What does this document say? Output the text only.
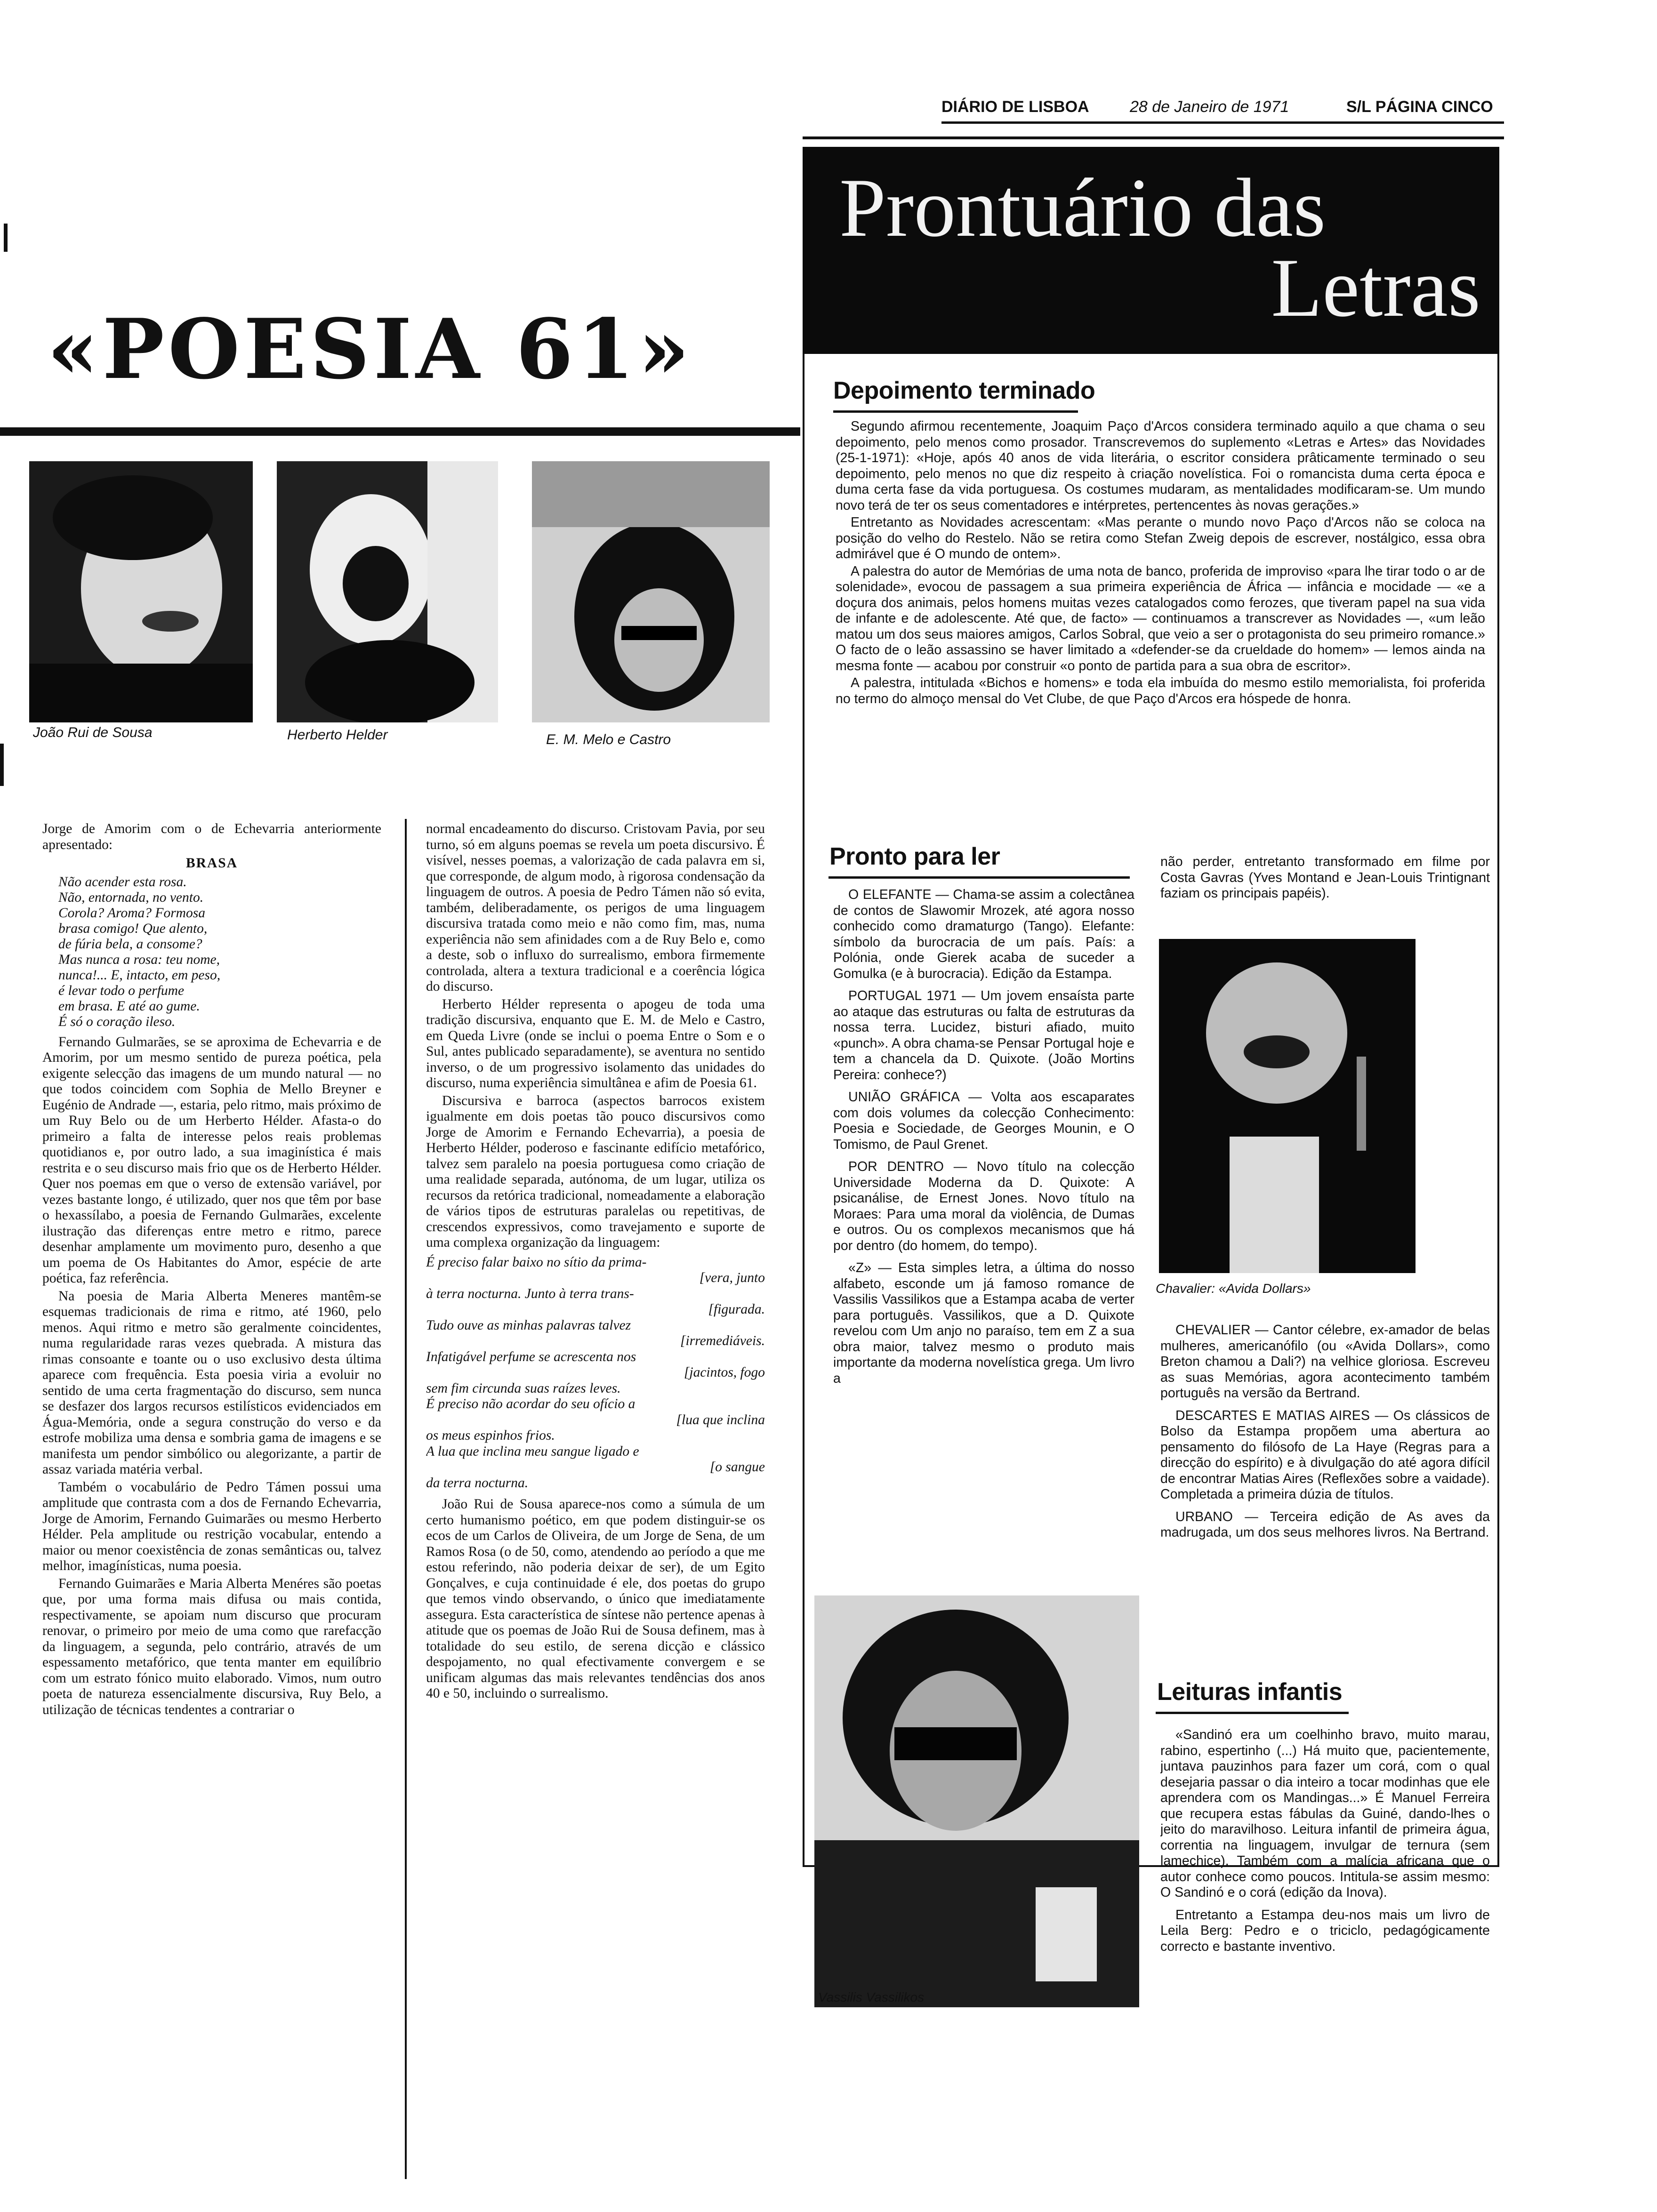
DIÁRIO DE LISBOA	28 de Janeiro de 1971	S/L PÁGINA CINCO
«POESIA 61»
João Rui de Sousa	Herberto Helder	E. M. Melo e Castro

Jorge de Amorim com o de Echevarria anteriormente apresentado:

BRASA
Não acender esta rosa.
Não, entornada, no vento.
Corola? Aroma? Formosa
brasa comigo! Que alento,
de fúria bela, a consome?
Mas nunca a rosa: teu nome,
nunca!... E, intacto, em peso,
é levar todo o perfume
em brasa. E até ao gume.
É só o coração ileso.

Fernando Gulmarães, se se aproxima de Echevarria e de Amorim, por um mesmo sentido de pureza poética, pela exigente selecção das imagens de um mundo natural — no que todos coincidem com Sophia de Mello Breyner e Eugénio de Andrade —, estaria, pelo ritmo, mais próximo de um Ruy Belo ou de um Herberto Hélder. Afasta-o do primeiro a falta de interesse pelos reais problemas quotidianos e, por outro lado, a sua imaginística é mais restrita e o seu discurso mais frio que os de Herberto Hélder. Quer nos poemas em que o verso de extensão variável, por vezes bastante longo, é utilizado, quer nos que têm por base o hexassílabo, a poesia de Fernando Gulmarães, excelente ilustração das diferenças entre metro e ritmo, parece desenhar amplamente um movimento puro, desenho a que um poema de Os Habitantes do Amor, espécie de arte poética, faz referência.

Na poesia de Maria Alberta Meneres mantêm-se esquemas tradicionais de rima e ritmo, até 1960, pelo menos. Aqui ritmo e metro são geralmente coincidentes, numa regularidade raras vezes quebrada. A mistura das rimas consoante e toante ou o uso exclusivo desta última aparece com frequência. Esta poesia viria a evoluir no sentido de uma certa fragmentação do discurso, sem nunca se desfazer dos largos recursos estilísticos evidenciados em Água-Memória, onde a segura construção do verso e da estrofe mobiliza uma densa e sombria gama de imagens e se manifesta um pendor simbólico ou alegorizante, a partir de assaz variada matéria verbal.

Também o vocabulário de Pedro Támen possui uma amplitude que contrasta com a dos de Fernando Echevarria, Jorge de Amorim, Fernando Guimarães ou mesmo Herberto Hélder. Pela amplitude ou restrição vocabular, entendo a maior ou menor coexistência de zonas semânticas ou, talvez melhor, imagínísticas, numa poesia.

Fernando Guimarães e Maria Alberta Menéres são poetas que, por uma forma mais difusa ou mais contida, respectivamente, se apoiam num discurso que procuram renovar, o primeiro por meio de uma como que rarefacção da linguagem, a segunda, pelo contrário, através de um espessamento metafórico, que tenta manter em equilíbrio com um estrato fónico muito elaborado. Vimos, num outro poeta de natureza essencialmente discursiva, Ruy Belo, a utilização de técnicas tendentes a contrariar o

normal encadeamento do discurso. Cristovam Pavia, por seu turno, só em alguns poemas se revela um poeta discursivo. É visível, nesses poemas, a valorização de cada palavra em si, que corresponde, de algum modo, à rigorosa condensação da linguagem de outros. A poesia de Pedro Támen não só evita, também, deliberadamente, os perigos de uma linguagem discursiva tratada como meio e não como fim, mas, numa experiência não sem afinidades com a de Ruy Belo e, como a deste, sob o influxo do surrealismo, embora firmemente controlada, altera a textura tradicional e a coerência lógica do discurso.

Herberto Hélder representa o apogeu de toda uma tradição discursiva, enquanto que E. M. de Melo e Castro, em Queda Livre (onde se inclui o poema Entre o Som e o Sul, antes publicado separadamente), se aventura no sentido inverso, o de um progressivo isolamento das unidades do discurso, numa experiência simultânea e afim de Poesia 61.

Discursiva e barroca (aspectos barrocos existem igualmente em dois poetas tão pouco discursivos como Jorge de Amorim e Fernando Echevarria), a poesia de Herberto Hélder, poderoso e fascinante edifício metafórico, talvez sem paralelo na poesia portuguesa como criação de uma realidade separada, autónoma, de um lugar, utiliza os recursos da retórica tradicional, nomeadamente a elaboração de vários tipos de estruturas paralelas ou repetitivas, de crescendos expressivos, como travejamento e suporte de uma complexa organização da linguagem:

É preciso falar baixo no sítio da prima-
[vera, junto
à terra nocturna. Junto à terra trans-
[figurada.
Tudo ouve as minhas palavras talvez
[irremediáveis.
Infatigável perfume se acrescenta nos
[jacintos, fogo
sem fim circunda suas raízes leves.
É preciso não acordar do seu ofício a
[lua que inclina
os meus espinhos frios.
A lua que inclina meu sangue ligado e
[o sangue
da terra nocturna.

João Rui de Sousa aparece-nos como a súmula de um certo humanismo poético, em que podem distinguir-se os ecos de um Carlos de Oliveira, de um Jorge de Sena, de um Ramos Rosa (o de 50, como, atendendo ao período a que me estou referindo, não poderia deixar de ser), de um Egito Gonçalves, e cuja continuidade é ele, dos poetas do grupo que temos vindo observando, o único que imediatamente assegura. Esta característica de síntese não pertence apenas à atitude que os poemas de João Rui de Sousa definem, mas à totalidade do seu estilo, de serena dicção e clássico despojamento, no qual efectivamente convergem e se unificam algumas das mais relevantes tendências dos anos 40 e 50, incluindo o surrealismo.

Prontuário das
Letras
Depoimento terminado

Segundo afirmou recentemente, Joaquim Paço d'Arcos considera terminado aquilo a que chama o seu depoimento, pelo menos como prosador. Transcrevemos do suplemento «Letras e Artes» das Novidades (25-1-1971): «Hoje, após 40 anos de vida literária, o escritor considera prâticamente terminado o seu depoimento, pelo menos no que diz respeito à criação novelística. Foi o romancista duma certa época e duma certa fase da vida portuguesa. Os costumes mudaram, as mentalidades modificaram-se. Um mundo novo terá de ter os seus comentadores e intérpretes, pertencentes às novas gerações.»

Entretanto as Novidades acrescentam: «Mas perante o mundo novo Paço d'Arcos não se coloca na posição do velho do Restelo. Não se retira como Stefan Zweig depois de escrever, nostálgico, essa obra admirável que é O mundo de ontem».

A palestra do autor de Memórias de uma nota de banco, proferida de improviso «para lhe tirar todo o ar de solenidade», evocou de passagem a sua primeira experiência de África — infância e mocidade — «e a doçura dos animais, pelos homens muitas vezes catalogados como ferozes, que tiveram papel na sua vida de infante e de adolescente. Até que, de facto» — continuamos a transcrever as Novidades —, «um leão matou um dos seus maiores amigos, Carlos Sobral, que veio a ser o protagonista do seu primeiro romance.» O facto de o leão assassino se haver limitado a «defender-se da crueldade do homem» — lemos ainda na mesma fonte — acabou por construir «o ponto de partida para a sua obra de escritor».

A palestra, intitulada «Bichos e homens» e toda ela imbuída do mesmo estilo memorialista, foi proferida no termo do almoço mensal do Vet Clube, de que Paço d'Arcos era hóspede de honra.

Pronto para ler

O ELEFANTE — Chama-se assim a colectânea de contos de Slawomir Mrozek, até agora nosso conhecido como dramaturgo (Tango). Elefante: símbolo da burocracia de um país. País: a Polónia, onde Gierek acaba de suceder a Gomulka (e à burocracia). Edição da Estampa.

PORTUGAL 1971 — Um jovem ensaísta parte ao ataque das estruturas ou falta de estruturas da nossa terra. Lucidez, bisturi afiado, muito «punch». A obra chama-se Pensar Portugal hoje e tem a chancela da D. Quixote. (João Mortins Pereira: conhece?)

UNIÃO GRÁFICA — Volta aos escaparates com dois volumes da colecção Conhecimento: Poesia e Sociedade, de Georges Mounin, e O Tomismo, de Paul Grenet.

POR DENTRO — Novo título na colecção Universidade Moderna da D. Quixote: A psicanálise, de Ernest Jones. Novo título na Moraes: Para uma moral da violência, de Dumas e outros. Ou os complexos mecanismos que há por dentro (do homem, do tempo).

«Z» — Esta simples letra, a última do nosso alfabeto, esconde um já famoso romance de Vassilis Vassilikos que a Estampa acaba de verter para português. Vassilikos, que a D. Quixote revelou com Um anjo no paraíso, tem em Z a sua obra maior, talvez mesmo o produto mais importante da moderna novelística grega. Um livro a

Vassilis Vassilikos

não perder, entretanto transformado em filme por Costa Gavras (Yves Montand e Jean-Louis Trintignant faziam os principais papéis).

Chavalier: «Avida Dollars»

CHEVALIER — Cantor célebre, ex-amador de belas mulheres, americanófilo (ou «Avida Dollars», como Breton chamou a Dali?) na velhice gloriosa. Escreveu as suas Memórias, agora acontecimento também português na versão da Bertrand.

DESCARTES E MATIAS AIRES — Os clássicos de Bolso da Estampa propõem uma abertura ao pensamento do filósofo de La Haye (Regras para a direcção do espírito) e à divulgação do até agora difícil de encontrar Matias Aires (Reflexões sobre a vaidade). Completada a primeira dúzia de títulos.

URBANO — Terceira edição de As aves da madrugada, um dos seus melhores livros. Na Bertrand.

Leituras infantis

«Sandinó era um coelhinho bravo, muito marau, rabino, espertinho (...) Há muito que, pacientemente, juntava pauzinhos para fazer um corá, com o qual desejaria passar o dia inteiro a tocar modinhas que ele aprendera com os Mandingas...» É Manuel Ferreira que recupera estas fábulas da Guiné, dando-lhes o jeito do maravilhoso. Leitura infantil de primeira água, correntia na linguagem, invulgar de ternura (sem lamechice). Também com a malícia africana que o autor conhece como poucos. Intitula-se assim mesmo: O Sandinó e o corá (edição da Inova).

Entretanto a Estampa deu-nos mais um livro de Leila Berg: Pedro e o triciclo, pedagógicamente correcto e bastante inventivo.
